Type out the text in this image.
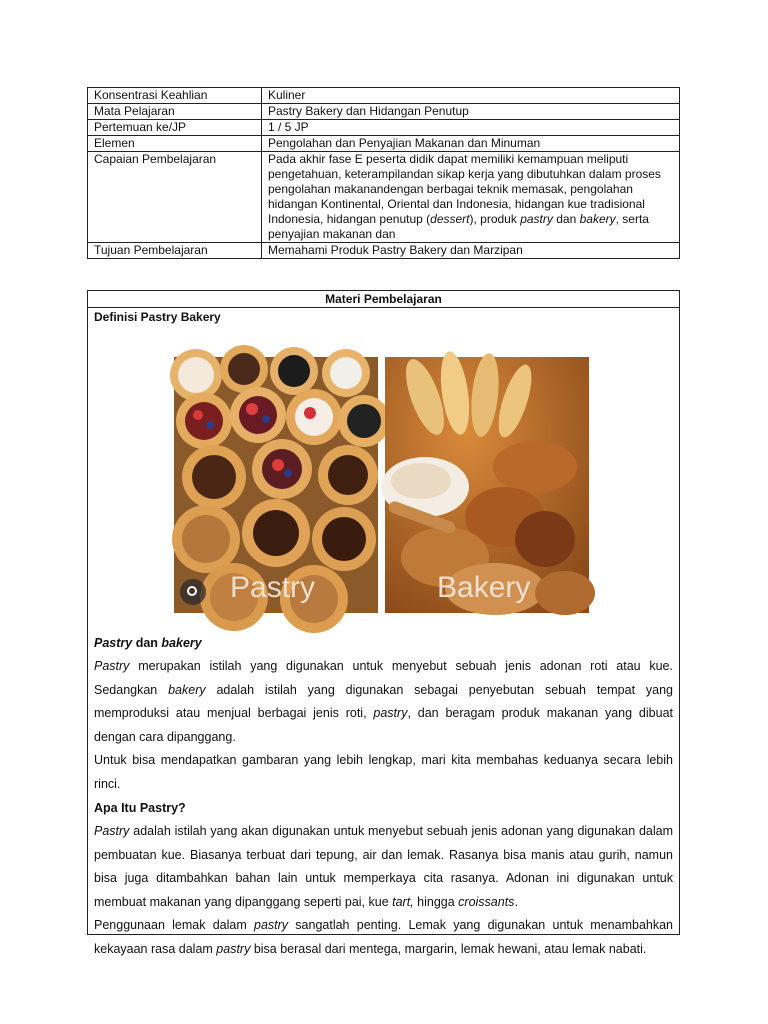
Konsentrasi Keahlian	Kuliner
Mata Pelajaran	Pastry Bakery dan Hidangan Penutup
Pertemuan ke/JP	1 / 5 JP
Elemen	Pengolahan dan Penyajian Makanan dan Minuman
Capaian Pembelajaran	Pada akhir fase E peserta didik dapat memiliki kemampuan meliputi pengetahuan, keterampilandan sikap kerja yang dibutuhkan dalam proses pengolahan makanandengan berbagai teknik memasak, pengolahan hidangan Kontinental, Oriental dan Indonesia, hidangan kue tradisional Indonesia, hidangan penutup (dessert), produk pastry dan bakery, serta penyajian makanan dan
Tujuan Pembelajaran	Memahami Produk Pastry Bakery dan Marzipan
Materi Pembelajaran
Definisi Pastry Bakery
Pastry	Bakery
Pastry dan bakery

Pastry merupakan istilah yang digunakan untuk menyebut sebuah jenis adonan roti atau kue. Sedangkan bakery adalah istilah yang digunakan sebagai penyebutan sebuah tempat yang memproduksi atau menjual berbagai jenis roti, pastry, dan beragam produk makanan yang dibuat dengan cara dipanggang.

Untuk bisa mendapatkan gambaran yang lebih lengkap, mari kita membahas keduanya secara lebih rinci.

Apa Itu Pastry?

Pastry adalah istilah yang akan digunakan untuk menyebut sebuah jenis adonan yang digunakan dalam pembuatan kue. Biasanya terbuat dari tepung, air dan lemak. Rasanya bisa manis atau gurih, namun bisa juga ditambahkan bahan lain untuk memperkaya cita rasanya. Adonan ini digunakan untuk membuat makanan yang dipanggang seperti pai, kue tart, hingga croissants.

Penggunaan lemak dalam pastry sangatlah penting. Lemak yang digunakan untuk menambahkan kekayaan rasa dalam pastry bisa berasal dari mentega, margarin, lemak hewani, atau lemak nabati.
